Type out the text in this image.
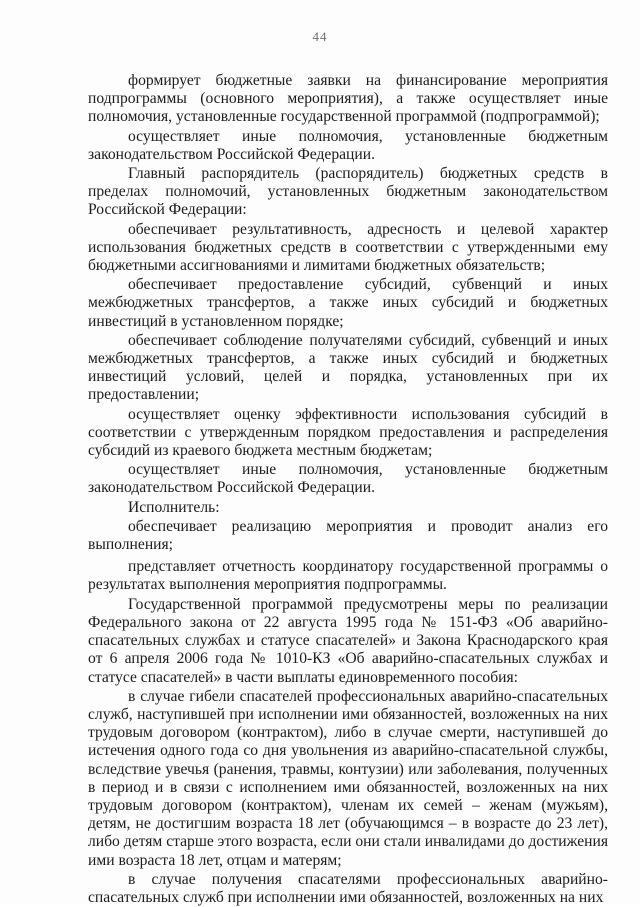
44

формирует бюджетные заявки на финансирование мероприятия подпрограммы (основного мероприятия), а также осуществляет иные полномочия, установленные государственной программой (подпрограммой);

осуществляет иные полномочия, установленные бюджетным законодательством Российской Федерации.

Главный распорядитель (распорядитель) бюджетных средств в пределах полномочий, установленных бюджетным законодательством Российской Федерации:

обеспечивает результативность, адресность и целевой характер использования бюджетных средств в соответствии с утвержденными ему бюджетными ассигнованиями и лимитами бюджетных обязательств;

обеспечивает предоставление субсидий, субвенций и иных межбюджетных трансфертов, а также иных субсидий и бюджетных инвестиций в установленном порядке;

обеспечивает соблюдение получателями субсидий, субвенций и иных межбюджетных трансфертов, а также иных субсидий и бюджетных инвестиций условий, целей и порядка, установленных при их предоставлении;

осуществляет оценку эффективности использования субсидий в соответствии с утвержденным порядком предоставления и распределения субсидий из краевого бюджета местным бюджетам;

осуществляет иные полномочия, установленные бюджетным законодательством Российской Федерации.

Исполнитель:

обеспечивает реализацию мероприятия и проводит анализ его выполнения;

представляет отчетность координатору государственной программы о результатах выполнения мероприятия подпрограммы.

Государственной программой предусмотрены меры по реализации Федерального закона от 22 августа 1995 года № 151-ФЗ «Об аварийно-спасательных службах и статусе спасателей» и Закона Краснодарского края от 6 апреля 2006 года № 1010-КЗ «Об аварийно-спасательных службах и статусе спасателей» в части выплаты единовременного пособия:

в случае гибели спасателей профессиональных аварийно-спасательных служб, наступившей при исполнении ими обязанностей, возложенных на них трудовым договором (контрактом), либо в случае смерти, наступившей до истечения одного года со дня увольнения из аварийно-спасательной службы, вследствие увечья (ранения, травмы, контузии) или заболевания, полученных в период и в связи с исполнением ими обязанностей, возложенных на них трудовым договором (контрактом), членам их семей – женам (мужьям), детям, не достигшим возраста 18 лет (обучающимся – в возрасте до 23 лет), либо детям старше этого возраста, если они стали инвалидами до достижения ими возраста 18 лет, отцам и матерям;

в случае получения спасателями профессиональных аварийно-спасательных служб при исполнении ими обязанностей, возложенных на них
